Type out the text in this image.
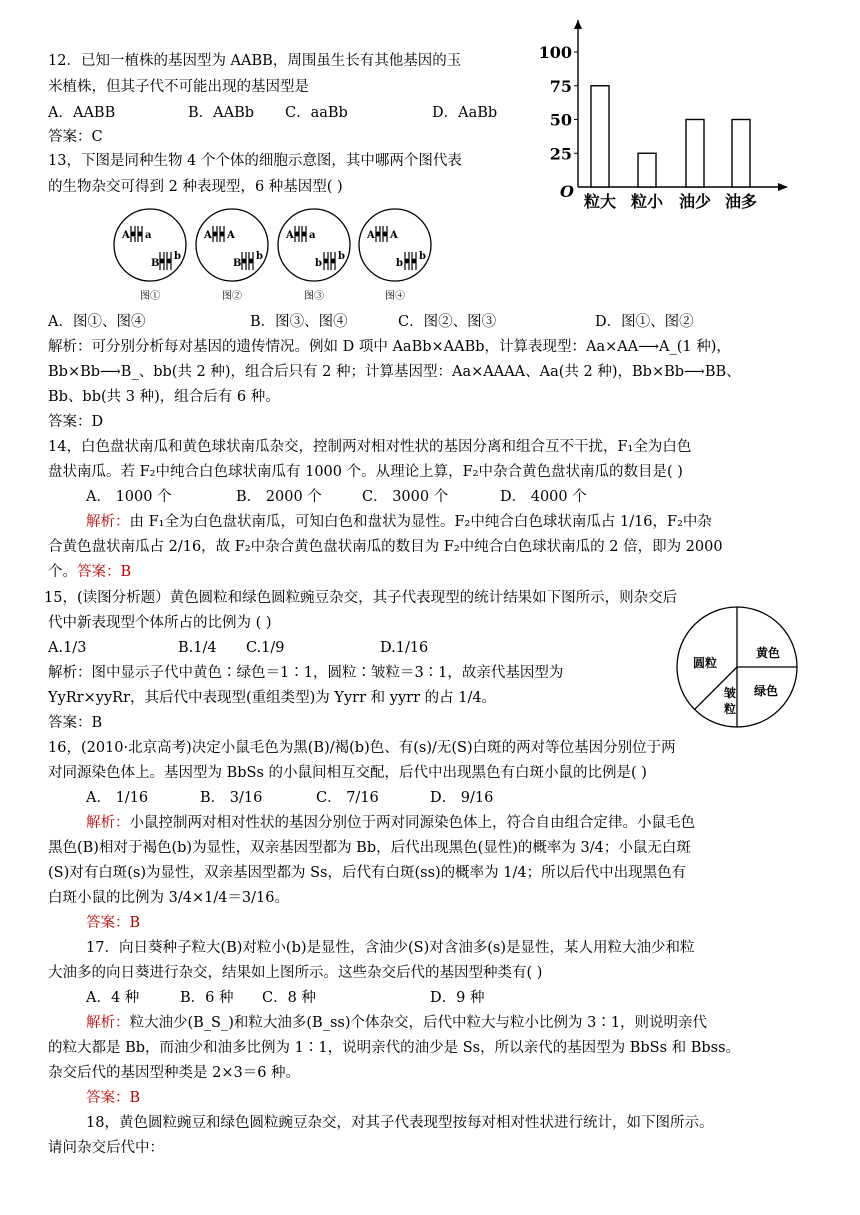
12．已知一植株的基因型为 AABB，周围虽生长有其他基因的玉
米植株，但其子代不可能出现的基因型是
A．AABB	B．AABb C．aaBb	D．AaBb
答案：C
O
100
75
50
25
粒大 粒小 油少 油多
13，下图是同种生物 4 个个体的细胞示意图，其中哪两个图代表
的生物杂交可得到 2 种表现型，6 种基因型( )
A a
B
b
图①
A A
B
b
图②
A a
b
b
图③
A A
b
b
图④
A．图①、图④	B．图③、图④	C．图②、图③	D．图①、图②
解析：可分别分析每对基因的遗传情况。例如 D 项中 AaBb×AABb，计算表现型：Aa×AA⟶A_(1 种)，
Bb×Bb⟶B_、bb(共 2 种)，组合后只有 2 种；计算基因型：Aa×AAAA、Aa(共 2 种)，Bb×Bb⟶BB、
Bb、bb(共 3 种)，组合后有 6 种。
答案：D
14，白色盘状南瓜和黄色球状南瓜杂交，控制两对相对性状的基因分离和组合互不干扰，F₁全为白色
盘状南瓜。若 F₂中纯合白色球状南瓜有 1000 个。从理论上算，F₂中杂合黄色盘状南瓜的数目是( )
A． 1000 个	B． 2000 个	C． 3000 个	D． 4000 个
解析：由 F₁全为白色盘状南瓜，可知白色和盘状为显性。F₂中纯合白色球状南瓜占 1/16，F₂中杂
合黄色盘状南瓜占 2/16，故 F₂中杂合黄色盘状南瓜的数目为 F₂中纯合白色球状南瓜的 2 倍，即为 2000
个。答案：B
15，(读图分析题）黄色圆粒和绿色圆粒豌豆杂交，其子代表现型的统计结果如下图所示，则杂交后
代中新表现型个体所占的比例为 ( )
A.1/3	B.1/4 C.1/9	D.1/16
解析：图中显示子代中黄色∶绿色＝1∶1，圆粒∶皱粒＝3∶1，故亲代基因型为
YyRr×yyRr，其后代中表现型(重组类型)为 Yyrr 和 yyrr 的占 1/4。
答案：B
圆粒
黄色
绿色
皱
粒
16，(2010·北京高考)决定小鼠毛色为黑(B)/褐(b)色、有(s)/无(S)白斑的两对等位基因分别位于两
对同源染色体上。基因型为 BbSs 的小鼠间相互交配，后代中出现黑色有白斑小鼠的比例是( )
A． 1/16	B． 3/16	C． 7/16	D． 9/16
解析：小鼠控制两对相对性状的基因分别位于两对同源染色体上，符合自由组合定律。小鼠毛色
黑色(B)相对于褐色(b)为显性，双亲基因型都为 Bb，后代出现黑色(显性)的概率为 3/4；小鼠无白斑
(S)对有白斑(s)为显性，双亲基因型都为 Ss，后代有白斑(ss)的概率为 1/4；所以后代中出现黑色有
白斑小鼠的比例为 3/4×1/4＝3/16。
答案：B
17．向日葵种子粒大(B)对粒小(b)是显性，含油少(S)对含油多(s)是显性，某人用粒大油少和粒
大油多的向日葵进行杂交，结果如上图所示。这些杂交后代的基因型种类有( )
A．4 种	B．6 种 C．8 种	D．9 种
解析：粒大油少(B_S_)和粒大油多(B_ss)个体杂交，后代中粒大与粒小比例为 3∶1，则说明亲代
的粒大都是 Bb，而油少和油多比例为 1∶1，说明亲代的油少是 Ss，所以亲代的基因型为 BbSs 和 Bbss。
杂交后代的基因型种类是 2×3＝6 种。
答案：B
18，黄色圆粒豌豆和绿色圆粒豌豆杂交，对其子代表现型按每对相对性状进行统计，如下图所示。
请问杂交后代中：
